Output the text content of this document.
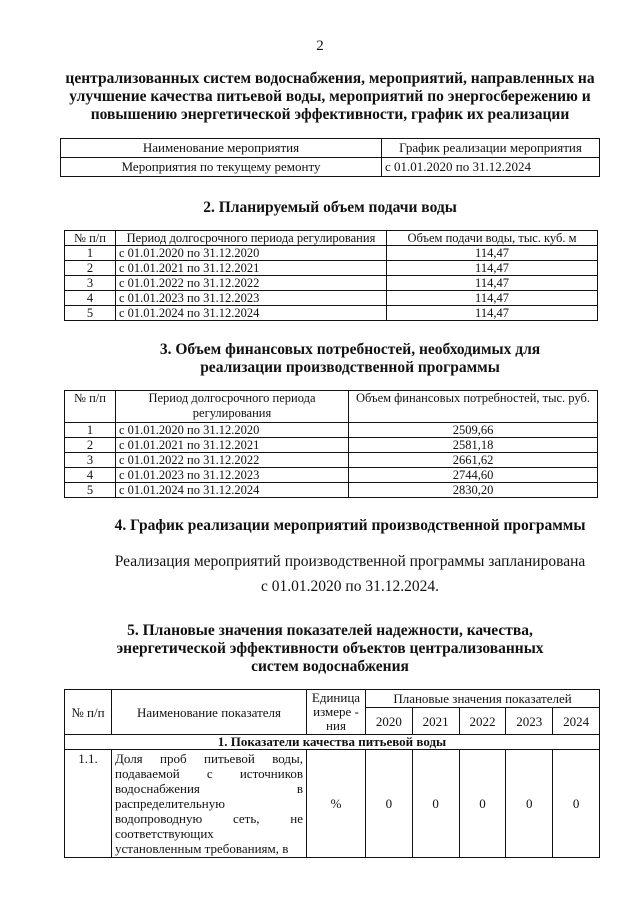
2
централизованных систем водоснабжения, мероприятий, направленных на
улучшение качества питьевой воды, мероприятий по энергосбережению и
повышению энергетической эффективности, график их реализации
Наименование мероприятия	График реализации мероприятия
Мероприятия по текущему ремонту	с 01.01.2020 по 31.12.2024
2. Планируемый объем подачи воды
№ п/п	Период долгосрочного периода регулирования	Объем подачи воды, тыс. куб. м
1	с 01.01.2020 по 31.12.2020	114,47
2	с 01.01.2021 по 31.12.2021	114,47
3	с 01.01.2022 по 31.12.2022	114,47
4	с 01.01.2023 по 31.12.2023	114,47
5	с 01.01.2024 по 31.12.2024	114,47
3. Объем финансовых потребностей, необходимых для
реализации производственной программы
№ п/п	Период долгосрочного периода регулирования	Объем финансовых потребностей, тыс. руб.
1	с 01.01.2020 по 31.12.2020	2509,66
2	с 01.01.2021 по 31.12.2021	2581,18
3	с 01.01.2022 по 31.12.2022	2661,62
4	с 01.01.2023 по 31.12.2023	2744,60
5	с 01.01.2024 по 31.12.2024	2830,20
4. График реализации мероприятий производственной программы
Реализация мероприятий производственной программы запланирована
с 01.01.2020 по 31.12.2024.
5. Плановые значения показателей надежности, качества,
энергетической эффективности объектов централизованных
систем водоснабжения
№ п/п	Наименование показателя	Единица измере - ния	Плановые значения показателей				
			2020	2021	2022	2023	2024
1. Показатели качества питьевой воды							
1.1.	Доля проб питьевой воды, подаваемой с источников водоснабжения в распределительную водопроводную сеть, не соответствующих установленным требованиям, в	%	0	0	0	0	0
